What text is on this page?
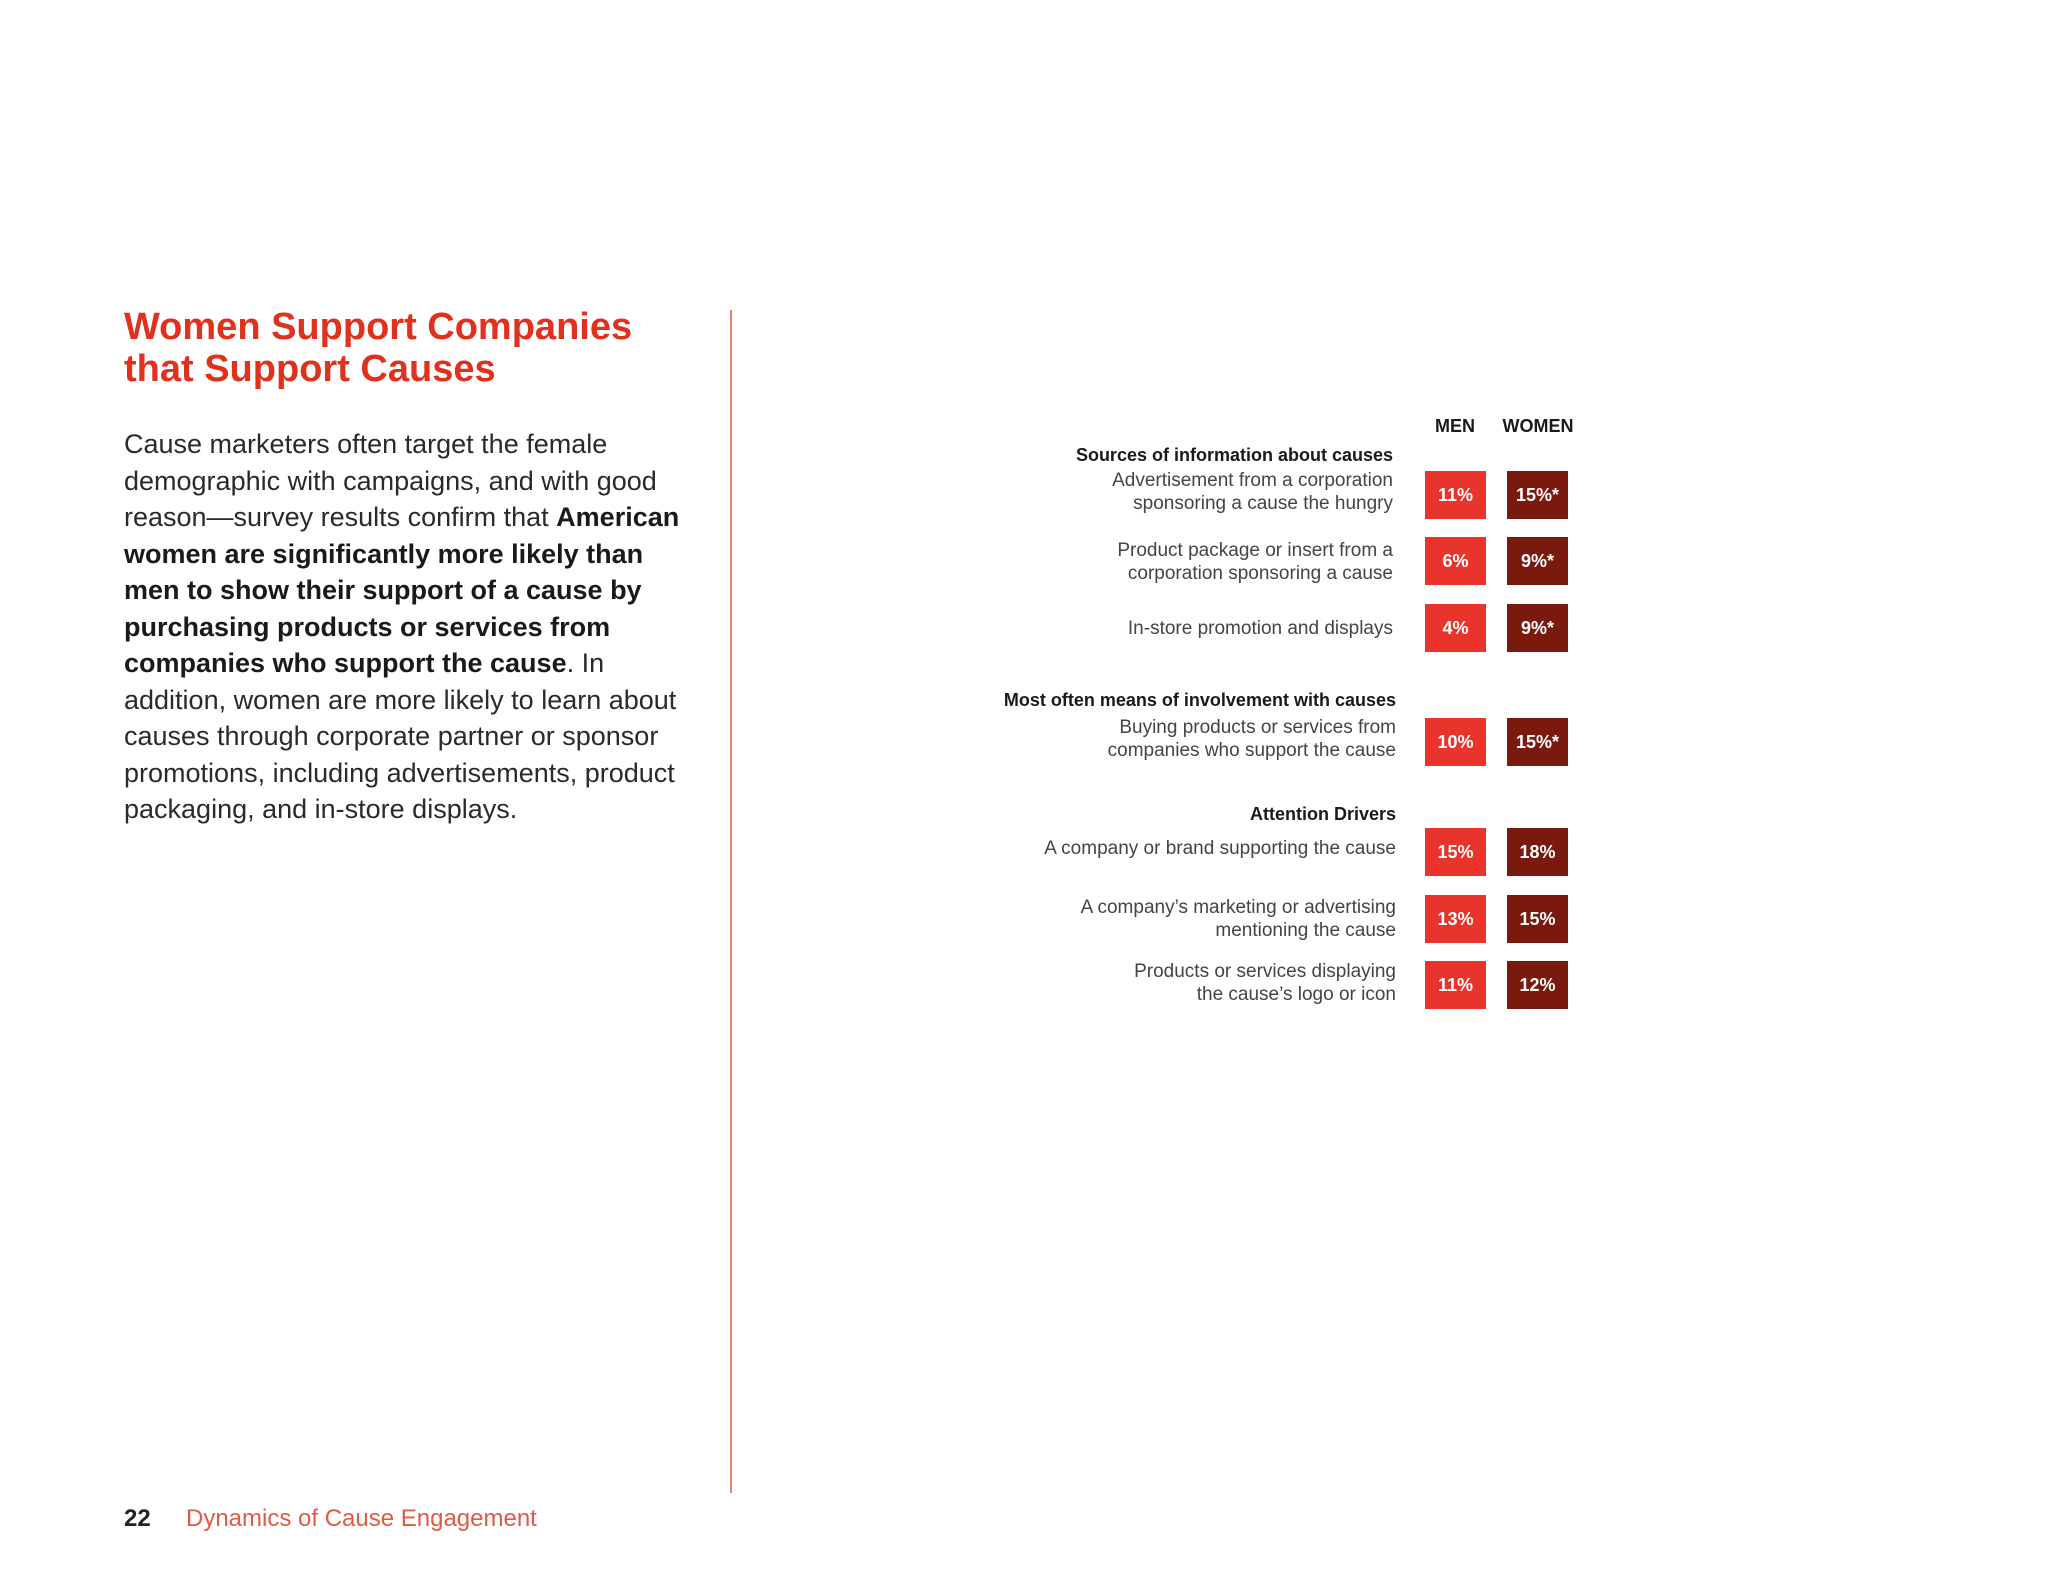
Women Support Companies
that Support Causes

Cause marketers often target the female demographic with campaigns, and with good reason—survey results confirm that American women are significantly more likely than men to show their support of a cause by purchasing products or services from companies who support the cause. In addition, women are more likely to learn about causes through corporate partner or sponsor promotions, including advertisements, product packaging, and in-store displays.

MEN	WOMEN
Sources of information about causes
Advertisement from a corporation
sponsoring a cause the hungry	11%	15%*
Product package or insert from a
corporation sponsoring a cause
6%	9%*
In-store promotion and displays	4%	9%*
Most often means of involvement with causes
Buying products or services from
companies who support the cause	10%	15%*
Attention Drivers
A company or brand supporting the cause	15%	18%
A company’s marketing or advertising
mentioning the cause
13%	15%
Products or services displaying
the cause’s logo or icon	11%	12%
22 Dynamics of Cause Engagement
